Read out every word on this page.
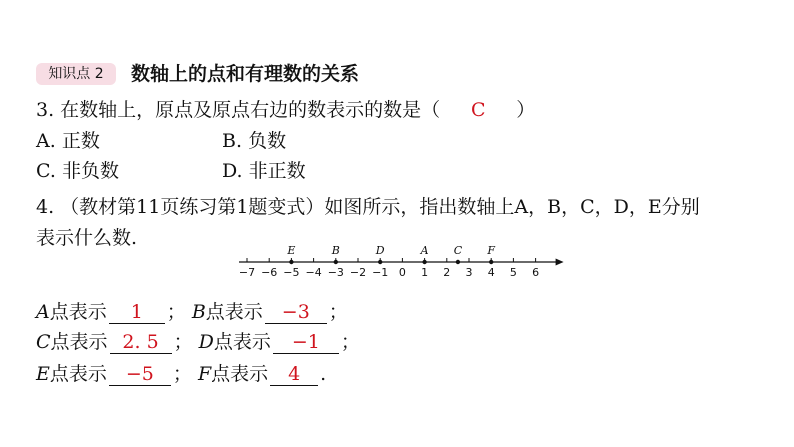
知识点 2	数轴上的点和有理数的关系
3. 在数轴上，原点及原点右边的数表示的数是（ C ）
A. 正数	B. 负数
C. 非负数	D. 非正数
4. （教材第11页练习第1题变式）如图所示，指出数轴上A，B，C，D，E分别
表示什么数.
−7 −6 −5 −4 −3 −2 −1 0 1 2 3 4 5 6
E	B	D	A C F
A点表示 1 ； B点表示 −3 ；
C点表示 2. 5 ； D点表示 −1 ；
E点表示 −5 ； F点表示 4 .
